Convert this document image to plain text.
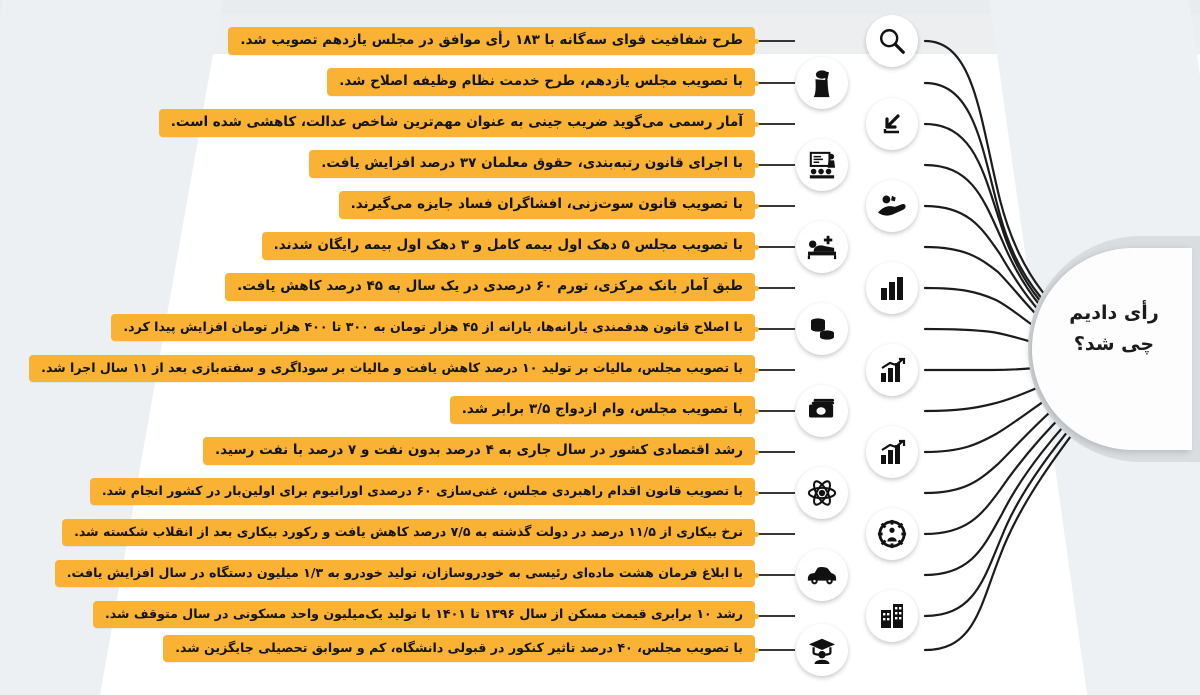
طرح شفافیت قوای سه‌گانه با ۱۸۳ رأی موافق در مجلس یازدهم تصویب شد.
با تصویب مجلس یازدهم، طرح خدمت نظام وظیفه اصلاح شد.
آمار رسمی می‌گوید ضریب جینی به عنوان مهم‌ترین شاخص عدالت، کاهشی شده است.
با اجرای قانون رتبه‌بندی، حقوق معلمان ۳۷ درصد افزایش یافت.
با تصویب قانون سوت‌زنی، افشاگران فساد جایزه می‌گیرند.
با تصویب مجلس ۵ دهک اول بیمه کامل و ۳ دهک اول بیمه رایگان شدند.
طبق آمار بانک مرکزی، تورم ۶۰ درصدی در یک سال به ۴۵ درصد کاهش یافت.
با اصلاح قانون هدفمندی یارانه‌ها، یارانه از ۴۵ هزار تومان به ۳۰۰ تا ۴۰۰ هزار تومان افزایش پیدا کرد.
با تصویب مجلس، مالیات بر تولید ۱۰ درصد کاهش یافت و مالیات بر سوداگری و سفته‌بازی بعد از ۱۱ سال اجرا شد.
با تصویب مجلس، وام ازدواج ۳/۵ برابر شد.
رشد اقتصادی کشور در سال جاری به ۴ درصد بدون نفت و ۷ درصد با نفت رسید.
با تصویب قانون اقدام راهبردی مجلس، غنی‌سازی ۶۰ درصدی اورانیوم برای اولین‌بار در کشور انجام شد.
نرخ بیکاری از ۱۱/۵ درصد در دولت گذشته به ۷/۵ درصد کاهش یافت و رکورد بیکاری بعد از انقلاب شکسته شد.
با ابلاغ فرمان هشت ماده‌ای رئیسی به خودروسازان، تولید خودرو به ۱/۳ میلیون دستگاه در سال افزایش یافت.
رشد ۱۰ برابری قیمت مسکن از سال ۱۳۹۶ تا ۱۴۰۱ با تولید یک‌میلیون واحد مسکونی در سال متوقف شد.
با تصویب مجلس، ۴۰ درصد تاثیر کنکور در قبولی دانشگاه، کم و سوابق تحصیلی جایگزین شد.
رأی دادیم
چی شد؟
